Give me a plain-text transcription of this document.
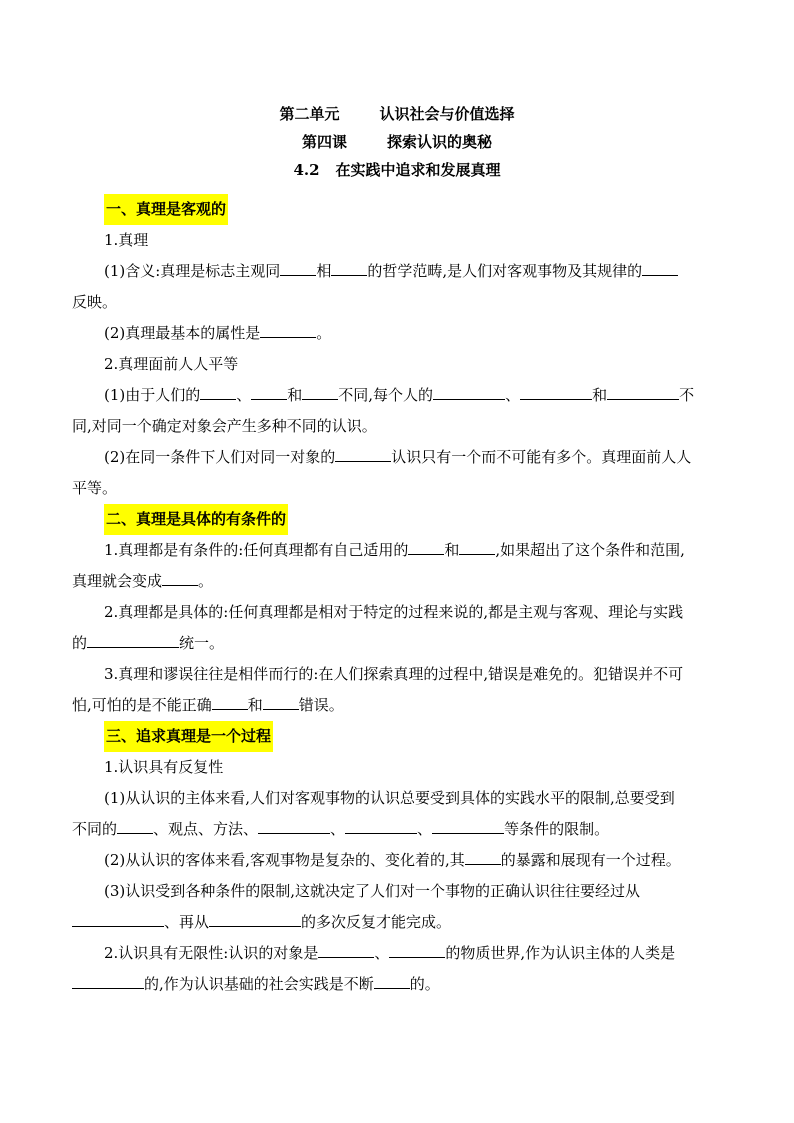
第二单元	认识社会与价值选择
第四课	探索认识的奥秘
4.2 在实践中追求和发展真理
一、真理是客观的

1.真理

(1)含义:真理是标志主观同 相 的哲学范畴,是人们对客观事物及其规律的
反映。

(2)真理最基本的属性是	。

2.真理面前人人平等

(1)由于人们的 、 和 不同,每个人的	、	和	不
同,对同一个确定对象会产生多种不同的认识。

(2)在同一条件下人们对同一对象的	认识只有一个而不可能有多个。真理面前人人
平等。

二、真理是具体的有条件的

1.真理都是有条件的:任何真理都有自己适用的 和 ,如果超出了这个条件和范围,
真理就会变成 。

2.真理都是具体的:任何真理都是相对于特定的过程来说的,都是主观与客观、理论与实践
的	统一。

3.真理和谬误往往是相伴而行的:在人们探索真理的过程中,错误是难免的。犯错误并不可
怕,可怕的是不能正确 和 错误。

三、追求真理是一个过程

1.认识具有反复性

(1)从认识的主体来看,人们对客观事物的认识总要受到具体的实践水平的限制,总要受到
不同的 、观点、方法、	、	、	等条件的限制。

(2)从认识的客体来看,客观事物是复杂的、变化着的,其 的暴露和展现有一个过程。

(3)认识受到各种条件的限制,这就决定了人们对一个事物的正确认识往往要经过从
、再从	的多次反复才能完成。

2.认识具有无限性:认识的对象是	、	的物质世界,作为认识主体的人类是
的,作为认识基础的社会实践是不断 的。
